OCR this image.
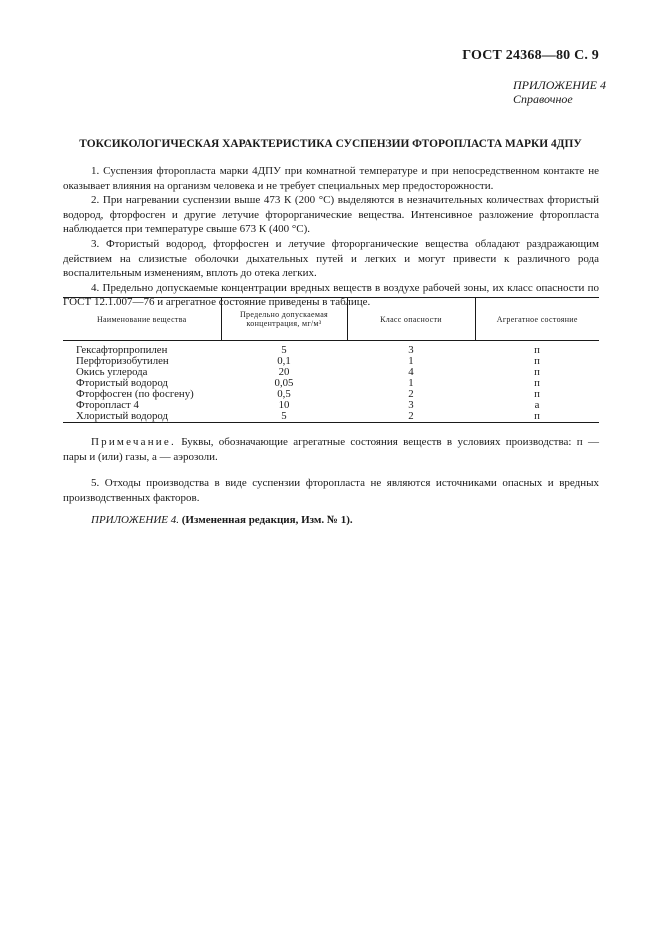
ГОСТ 24368—80 С. 9
ПРИЛОЖЕНИЕ 4
Справочное
ТОКСИКОЛОГИЧЕСКАЯ ХАРАКТЕРИСТИКА СУСПЕНЗИИ ФТОРОПЛАСТА МАРКИ 4ДПУ

1. Суспензия фторопласта марки 4ДПУ при комнатной температуре и при непосредственном контакте не оказывает влияния на организм человека и не требует специальных мер предосторожности.

2. При нагревании суспензии выше 473 К (200 °С) выделяются в незначительных количествах фтористый водород, фторфосген и другие летучие фторорганические вещества. Интенсивное разложение фторопласта наблюдается при температуре свыше 673 К (400 °С).

3. Фтористый водород, фторфосген и летучие фторорганические вещества обладают раздражающим действием на слизистые оболочки дыхательных путей и легких и могут привести к различного рода воспалительным изменениям, вплоть до отека легких.

4. Предельно допускаемые концентрации вредных веществ в воздухе рабочей зоны, их класс опасности по ГОСТ 12.1.007—76 и агрегатное состояние приведены в таблице.

Наименование вещества	Предельно допускаемая концентрация, мг/м³	Класс опасности	Агрегатное состояние

Гексафторпропилен	5	3	п
Перфторизобутилен	0,1	1	п
Окись углерода	20	4	п
Фтористый водород	0,05	1	п
Фторфосген (по фосгену)	0,5	2	п
Фторопласт 4	10	3	а
Хлористый водород	5	2	п
Примечание. Буквы, обозначающие агрегатные состояния веществ в условиях производства: п — пары и (или) газы, а — аэрозоли.
5. Отходы производства в виде суспензии фторопласта не являются источниками опасных и вредных производственных факторов.
ПРИЛОЖЕНИЕ 4. (Измененная редакция, Изм. № 1).
